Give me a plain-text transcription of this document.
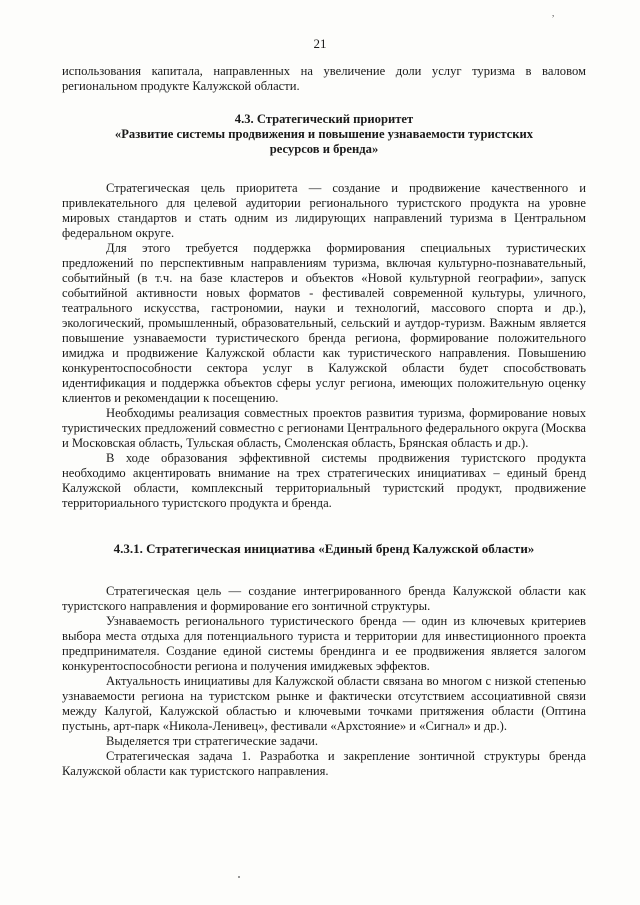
,
21

использования капитала, направленных на увеличение доли услуг туризма в валовом региональном продукте Калужской области.

4.3. Стратегический приоритет
«Развитие системы продвижения и повышение узнаваемости туристских ресурсов и бренда»

Стратегическая цель приоритета — создание и продвижение качественного и привлекательного для целевой аудитории регионального туристского продукта на уровне мировых стандартов и стать одним из лидирующих направлений туризма в Центральном федеральном округе.

Для этого требуется поддержка формирования специальных туристических предложений по перспективным направлениям туризма, включая культурно-познавательный, событийный (в т.ч. на базе кластеров и объектов «Новой культурной географии», запуск событийной активности новых форматов - фестивалей современной культуры, уличного, театрального искусства, гастрономии, науки и технологий, массового спорта и др.), экологический, промышленный, образовательный, сельский и аутдор-туризм. Важным является повышение узнаваемости туристического бренда региона, формирование положительного имиджа и продвижение Калужской области как туристического направления. Повышению конкурентоспособности сектора услуг в Калужской области будет способствовать идентификация и поддержка объектов сферы услуг региона, имеющих положительную оценку клиентов и рекомендации к посещению.

Необходимы реализация совместных проектов развития туризма, формирование новых туристических предложений совместно с регионами Центрального федерального округа (Москва и Московская область, Тульская область, Смоленская область, Брянская область и др.).

В ходе образования эффективной системы продвижения туристского продукта необходимо акцентировать внимание на трех стратегических инициативах – единый бренд Калужской области, комплексный территориальный туристский продукт, продвижение территориального туристского продукта и бренда.

4.3.1. Стратегическая инициатива «Единый бренд Калужской области»

Стратегическая цель — создание интегрированного бренда Калужской области как туристского направления и формирование его зонтичной структуры.

Узнаваемость регионального туристического бренда — один из ключевых критериев выбора места отдыха для потенциального туриста и территории для инвестиционного проекта предпринимателя. Создание единой системы брендинга и ее продвижения является залогом конкурентоспособности региона и получения имиджевых эффектов.

Актуальность инициативы для Калужской области связана во многом с низкой степенью узнаваемости региона на туристском рынке и фактически отсутствием ассоциативной связи между Калугой, Калужской областью и ключевыми точками притяжения области (Оптина пустынь, арт-парк «Никола-Ленивец», фестивали «Архстояние» и «Сигнал» и др.).

Выделяется три стратегические задачи.

Стратегическая задача 1. Разработка и закрепление зонтичной структуры бренда Калужской области как туристского направления.
